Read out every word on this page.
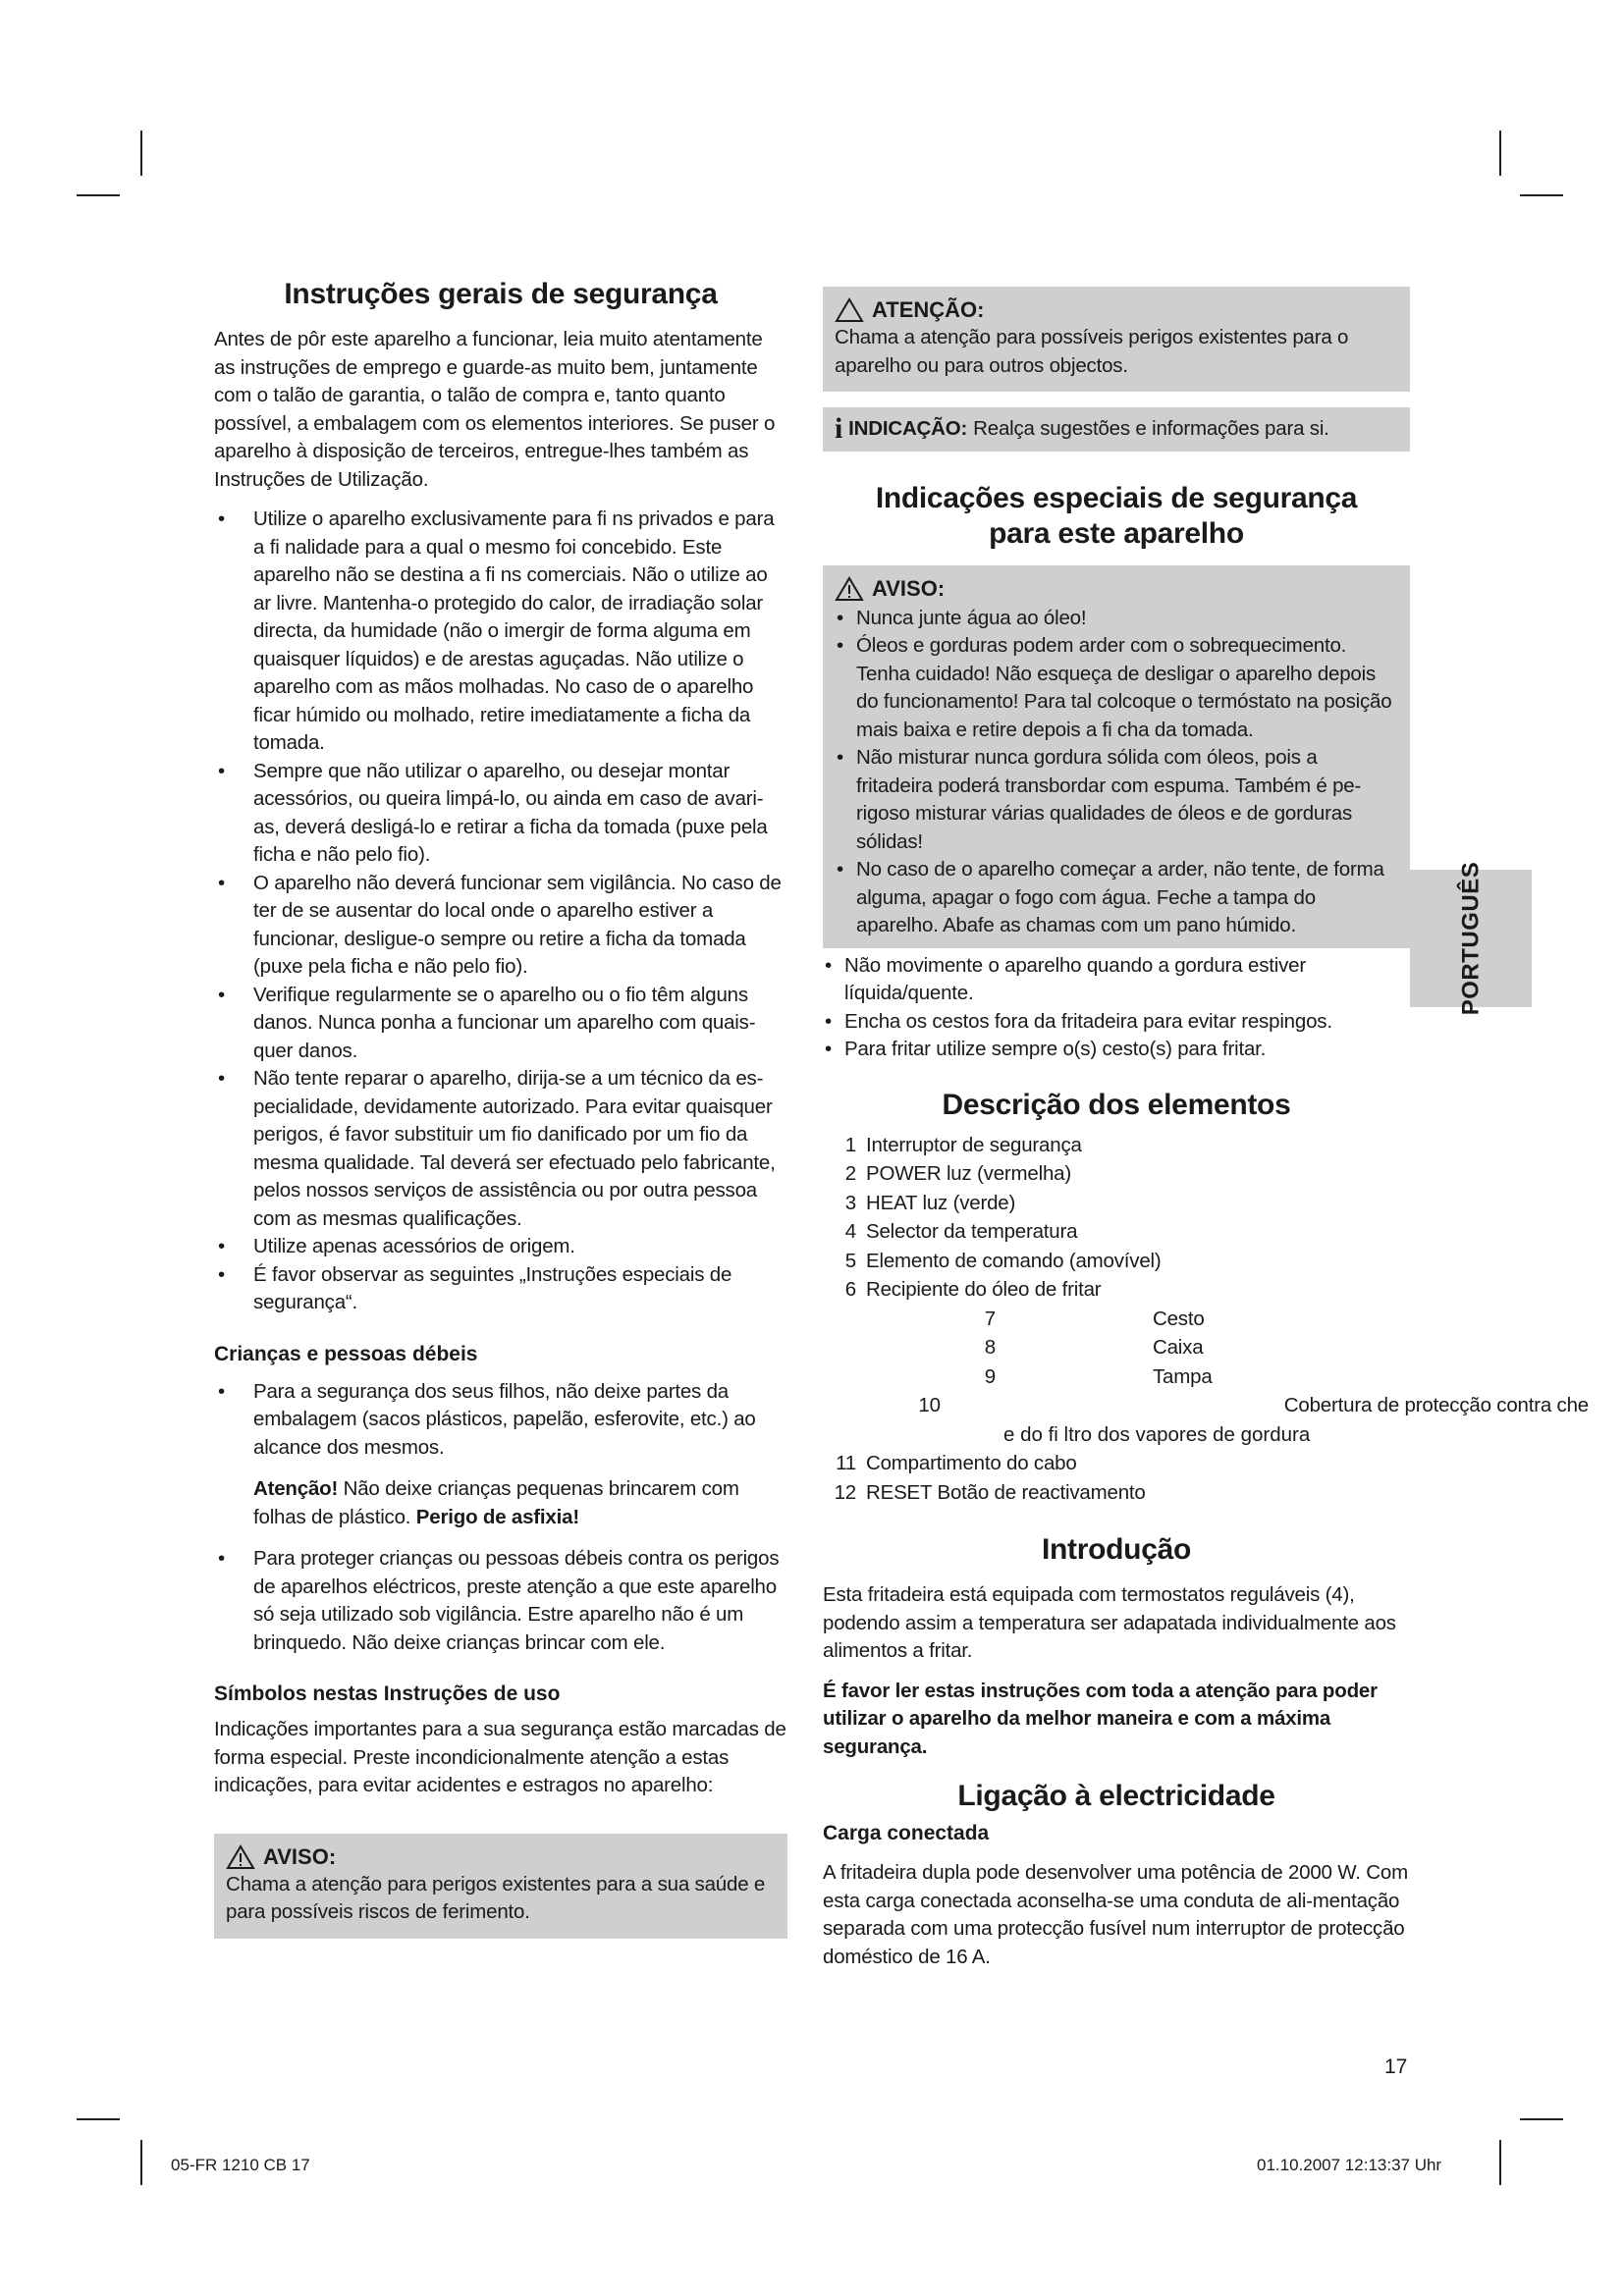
Instruções gerais de segurança

Antes de pôr este aparelho a funcionar, leia muito atentamente as instruções de emprego e guarde-as muito bem, juntamente com o talão de garantia, o talão de compra e, tanto quanto possível, a embalagem com os elementos interiores. Se puser o aparelho à disposição de terceiros, entregue-lhes também as Instruções de Utilização.

• Utilize o aparelho exclusivamente para fi ns privados e para a fi nalidade para a qual o mesmo foi concebido. Este aparelho não se destina a fi ns comerciais. Não o utilize ao ar livre. Mantenha-o protegido do calor, de irradiação solar directa, da humidade (não o imergir de forma alguma em quaisquer líquidos) e de arestas aguçadas. Não utilize o aparelho com as mãos molhadas. No caso de o aparelho ficar húmido ou molhado, retire imediatamente a ficha da tomada.
• Sempre que não utilizar o aparelho, ou desejar montar acessórios, ou queira limpá-lo, ou ainda em caso de avari-as, deverá desligá-lo e retirar a ficha da tomada (puxe pela ficha e não pelo fio).
• O aparelho não deverá funcionar sem vigilância. No caso de ter de se ausentar do local onde o aparelho estiver a funcionar, desligue-o sempre ou retire a ficha da tomada (puxe pela ficha e não pelo fio).
• Verifique regularmente se o aparelho ou o fio têm alguns danos. Nunca ponha a funcionar um aparelho com quais-quer danos.
• Não tente reparar o aparelho, dirija-se a um técnico da es-pecialidade, devidamente autorizado. Para evitar quaisquer perigos, é favor substituir um fio danificado por um fio da mesma qualidade. Tal deverá ser efectuado pelo fabricante, pelos nossos serviços de assistência ou por outra pessoa com as mesmas qualificações.
• Utilize apenas acessórios de origem.
• É favor observar as seguintes „Instruções especiais de segurança“.
Crianças e pessoas débeis
• Para a segurança dos seus filhos, não deixe partes da embalagem (sacos plásticos, papelão, esferovite, etc.) ao alcance dos mesmos.

Atenção! Não deixe crianças pequenas brincarem com folhas de plástico. Perigo de asfixia!

• Para proteger crianças ou pessoas débeis contra os perigos de aparelhos eléctricos, preste atenção a que este aparelho só seja utilizado sob vigilância. Estre aparelho não é um brinquedo. Não deixe crianças brincar com ele.
Símbolos nestas Instruções de uso

Indicações importantes para a sua segurança estão marcadas de forma especial. Preste incondicionalmente atenção a estas indicações, para evitar acidentes e estragos no aparelho:

AVISO:

Chama a atenção para perigos existentes para a sua saúde e para possíveis riscos de ferimento.

ATENÇÃO:

Chama a atenção para possíveis perigos existentes para o aparelho ou para outros objectos.

i INDICAÇÃO: Realça sugestões e informações para si.
Indicações especiais de segurança
para este aparelho
AVISO:
• Nunca junte água ao óleo!
• Óleos e gorduras podem arder com o sobrequecimento. Tenha cuidado! Não esqueça de desligar o aparelho depois do funcionamento! Para tal colcoque o termóstato na posição mais baixa e retire depois a fi cha da tomada.
• Não misturar nunca gordura sólida com óleos, pois a fritadeira poderá transbordar com espuma. Também é pe-rigoso misturar várias qualidades de óleos e de gorduras sólidas!
• No caso de o aparelho começar a arder, não tente, de forma alguma, apagar o fogo com água. Feche a tampa do aparelho. Abafe as chamas com um pano húmido.
• Não movimente o aparelho quando a gordura estiver líquida/quente.
• Encha os cestos fora da fritadeira para evitar respingos.
• Para fritar utilize sempre o(s) cesto(s) para fritar.
Descrição dos elementos
1 Interruptor de segurança
2 POWER luz (vermelha)
3 HEAT luz (verde)
4 Selector da temperatura
5 Elemento de comando (amovível)
6 Recipiente do óleo de fritar
7	Cesto
8	Caixa
9	Tampa
10	Cobertura de protecção contra che
e do fi ltro dos vapores de gordura
11 Compartimento do cabo
12 RESET Botão de reactivamento
Introdução

Esta fritadeira está equipada com termostatos reguláveis (4), podendo assim a temperatura ser adapatada individualmente aos alimentos a fritar.

É favor ler estas instruções com toda a atenção para poder utilizar o aparelho da melhor maneira e com a máxima segurança.

Ligação à electricidade
Carga conectada

A fritadeira dupla pode desenvolver uma potência de 2000 W. Com esta carga conectada aconselha-se uma conduta de ali-mentação separada com uma protecção fusível num interruptor de protecção doméstico de 16 A.

PORTUGUÊS
17
05-FR 1210 CB 17	01.10.2007 12:13:37 Uhr
